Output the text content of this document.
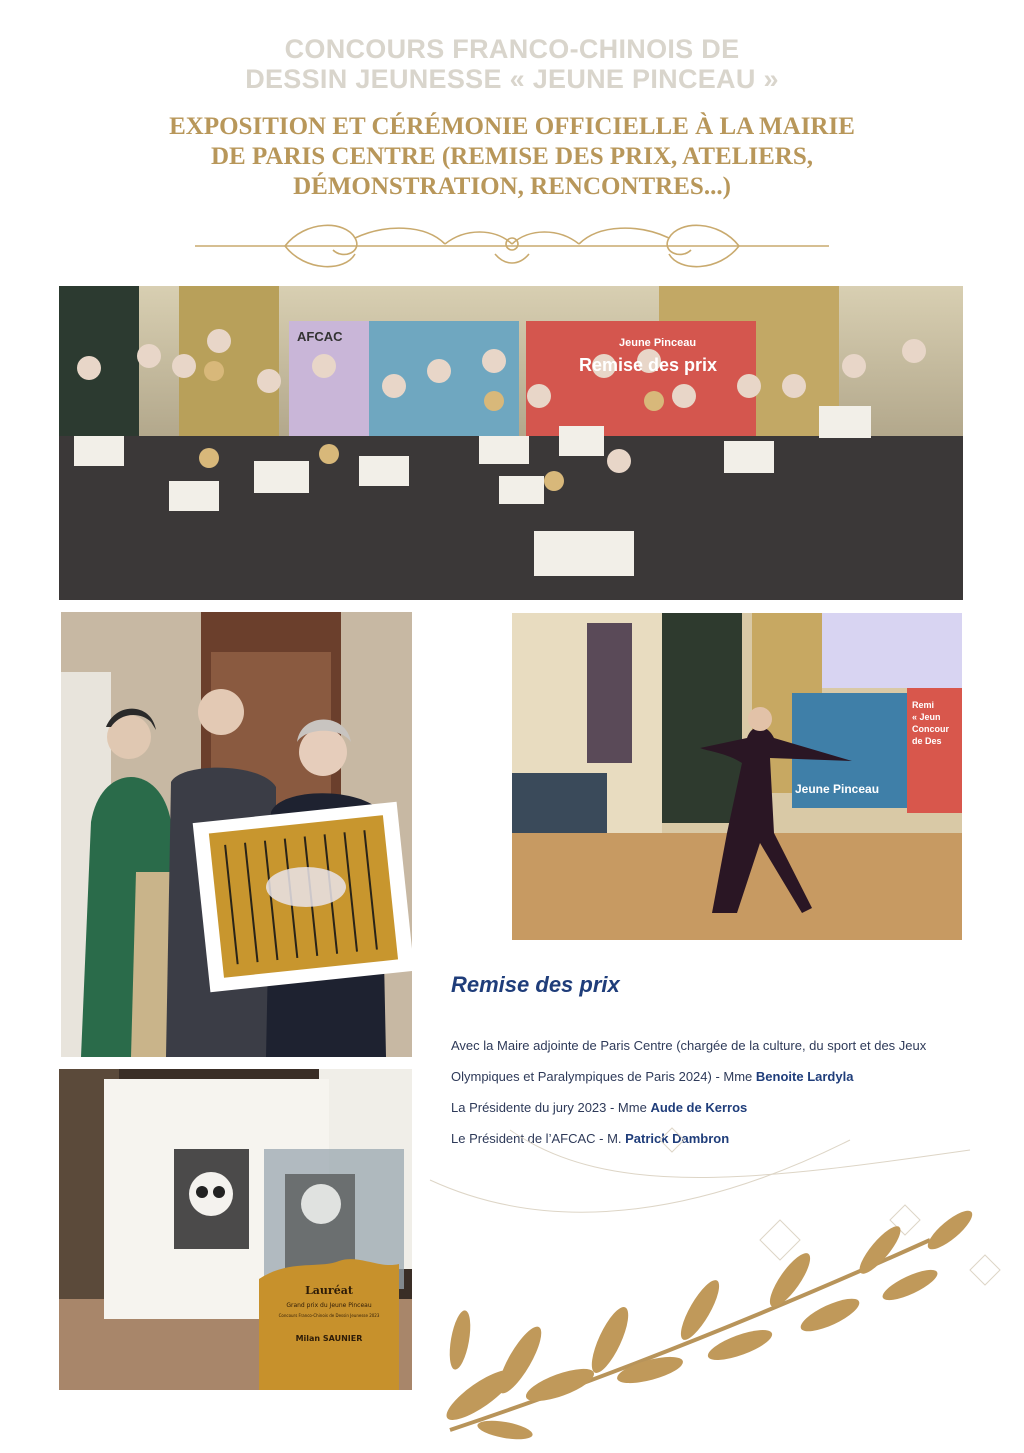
CONCOURS FRANCO-CHINOIS DE
DESSIN JEUNESSE « JEUNE PINCEAU »
EXPOSITION ET CÉRÉMONIE OFFICIELLE À LA MAIRIE
DE PARIS CENTRE (REMISE DES PRIX, ATELIERS,
DÉMONSTRATION, RENCONTRES...)
AFCAC
Remise des prix
Jeune Pinceau
Jeune Pinceau
Remi
« Jeun
Concour
de Des
Lauréat
Grand prix du Jeune Pinceau
Concours Franco-Chinois de Dessin Jeunesse 2023
Milan SAUNIER
Remise des prix
Avec la Maire adjointe de Paris Centre (chargée de la culture, du sport et des Jeux
Olympiques et Paralympiques de Paris 2024) - Mme Benoite Lardyla
La Présidente du jury 2023 - Mme Aude de Kerros
Le Président de l’AFCAC - M. Patrick Dambron
